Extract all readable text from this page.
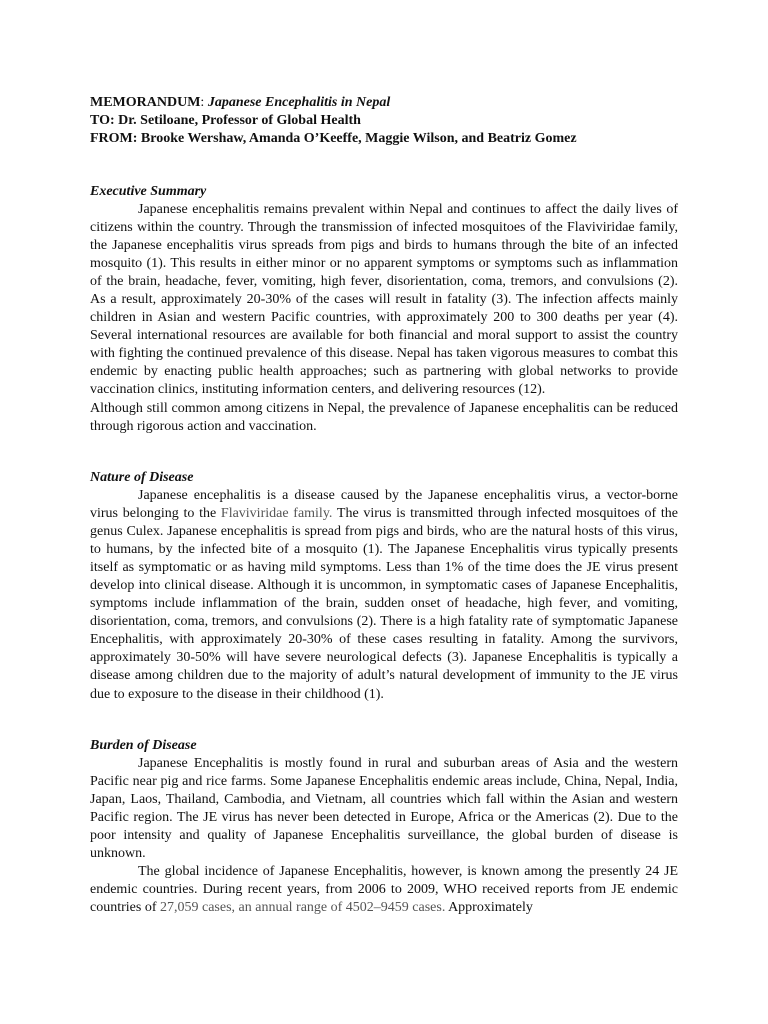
MEMORANDUM: Japanese Encephalitis in Nepal
TO: Dr. Setiloane, Professor of Global Health
FROM: Brooke Wershaw, Amanda O’Keeffe, Maggie Wilson, and Beatriz Gomez
Executive Summary

Japanese encephalitis remains prevalent within Nepal and continues to affect the daily lives of citizens within the country. Through the transmission of infected mosquitoes of the Flaviviridae family, the Japanese encephalitis virus spreads from pigs and birds to humans through the bite of an infected mosquito (1). This results in either minor or no apparent symptoms or symptoms such as inflammation of the brain, headache, fever, vomiting, high fever, disorientation, coma, tremors, and convulsions (2). As a result, approximately 20-30% of the cases will result in fatality (3). The infection affects mainly children in Asian and western Pacific countries, with approximately 200 to 300 deaths per year (4). Several international resources are available for both financial and moral support to assist the country with fighting the continued prevalence of this disease. Nepal has taken vigorous measures to combat this endemic by enacting public health approaches; such as partnering with global networks to provide vaccination clinics, instituting information centers, and delivering resources (12).

Although still common among citizens in Nepal, the prevalence of Japanese encephalitis can be reduced through rigorous action and vaccination.

Nature of Disease

Japanese encephalitis is a disease caused by the Japanese encephalitis virus, a vector-borne virus belonging to the Flaviviridae family. The virus is transmitted through infected mosquitoes of the genus Culex. Japanese encephalitis is spread from pigs and birds, who are the natural hosts of this virus, to humans, by the infected bite of a mosquito (1). The Japanese Encephalitis virus typically presents itself as symptomatic or as having mild symptoms. Less than 1% of the time does the JE virus present develop into clinical disease. Although it is uncommon, in symptomatic cases of Japanese Encephalitis, symptoms include inflammation of the brain, sudden onset of headache, high fever, and vomiting, disorientation, coma, tremors, and convulsions (2). There is a high fatality rate of symptomatic Japanese Encephalitis, with approximately 20-30% of these cases resulting in fatality. Among the survivors, approximately 30-50% will have severe neurological defects (3). Japanese Encephalitis is typically a disease among children due to the majority of adult’s natural development of immunity to the JE virus due to exposure to the disease in their childhood (1).

Burden of Disease

Japanese Encephalitis is mostly found in rural and suburban areas of Asia and the western Pacific near pig and rice farms. Some Japanese Encephalitis endemic areas include, China, Nepal, India, Japan, Laos, Thailand, Cambodia, and Vietnam, all countries which fall within the Asian and western Pacific region. The JE virus has never been detected in Europe, Africa or the Americas (2). Due to the poor intensity and quality of Japanese Encephalitis surveillance, the global burden of disease is unknown.

The global incidence of Japanese Encephalitis, however, is known among the presently 24 JE endemic countries. During recent years, from 2006 to 2009, WHO received reports from JE endemic countries of 27,059 cases, an annual range of 4502–9459 cases. Approximately
